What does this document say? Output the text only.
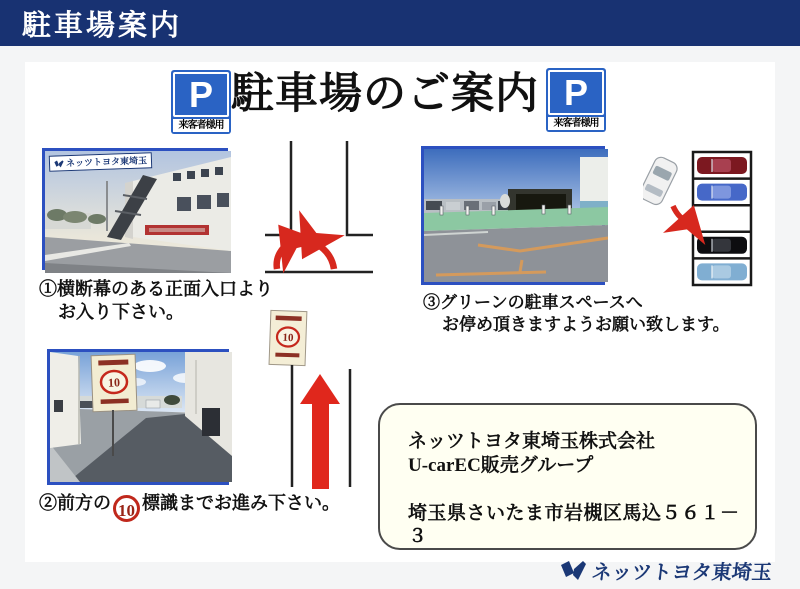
駐車場案内
P
来客者様用
駐車場のご案内 P
来客者様用
ネッツトヨタ東埼玉
①横断幕のある正面入口より
お入り下さい。	③グリーンの駐車スペースへ
お停め頂きますようお願い致します。
10
②前方の 10 標識までお進み下さい。
10
ネッツトヨタ東埼玉株式会社
U-carEC販売グループ
埼玉県さいたま市岩槻区馬込５６１－３
ネッツトヨタ東埼玉
